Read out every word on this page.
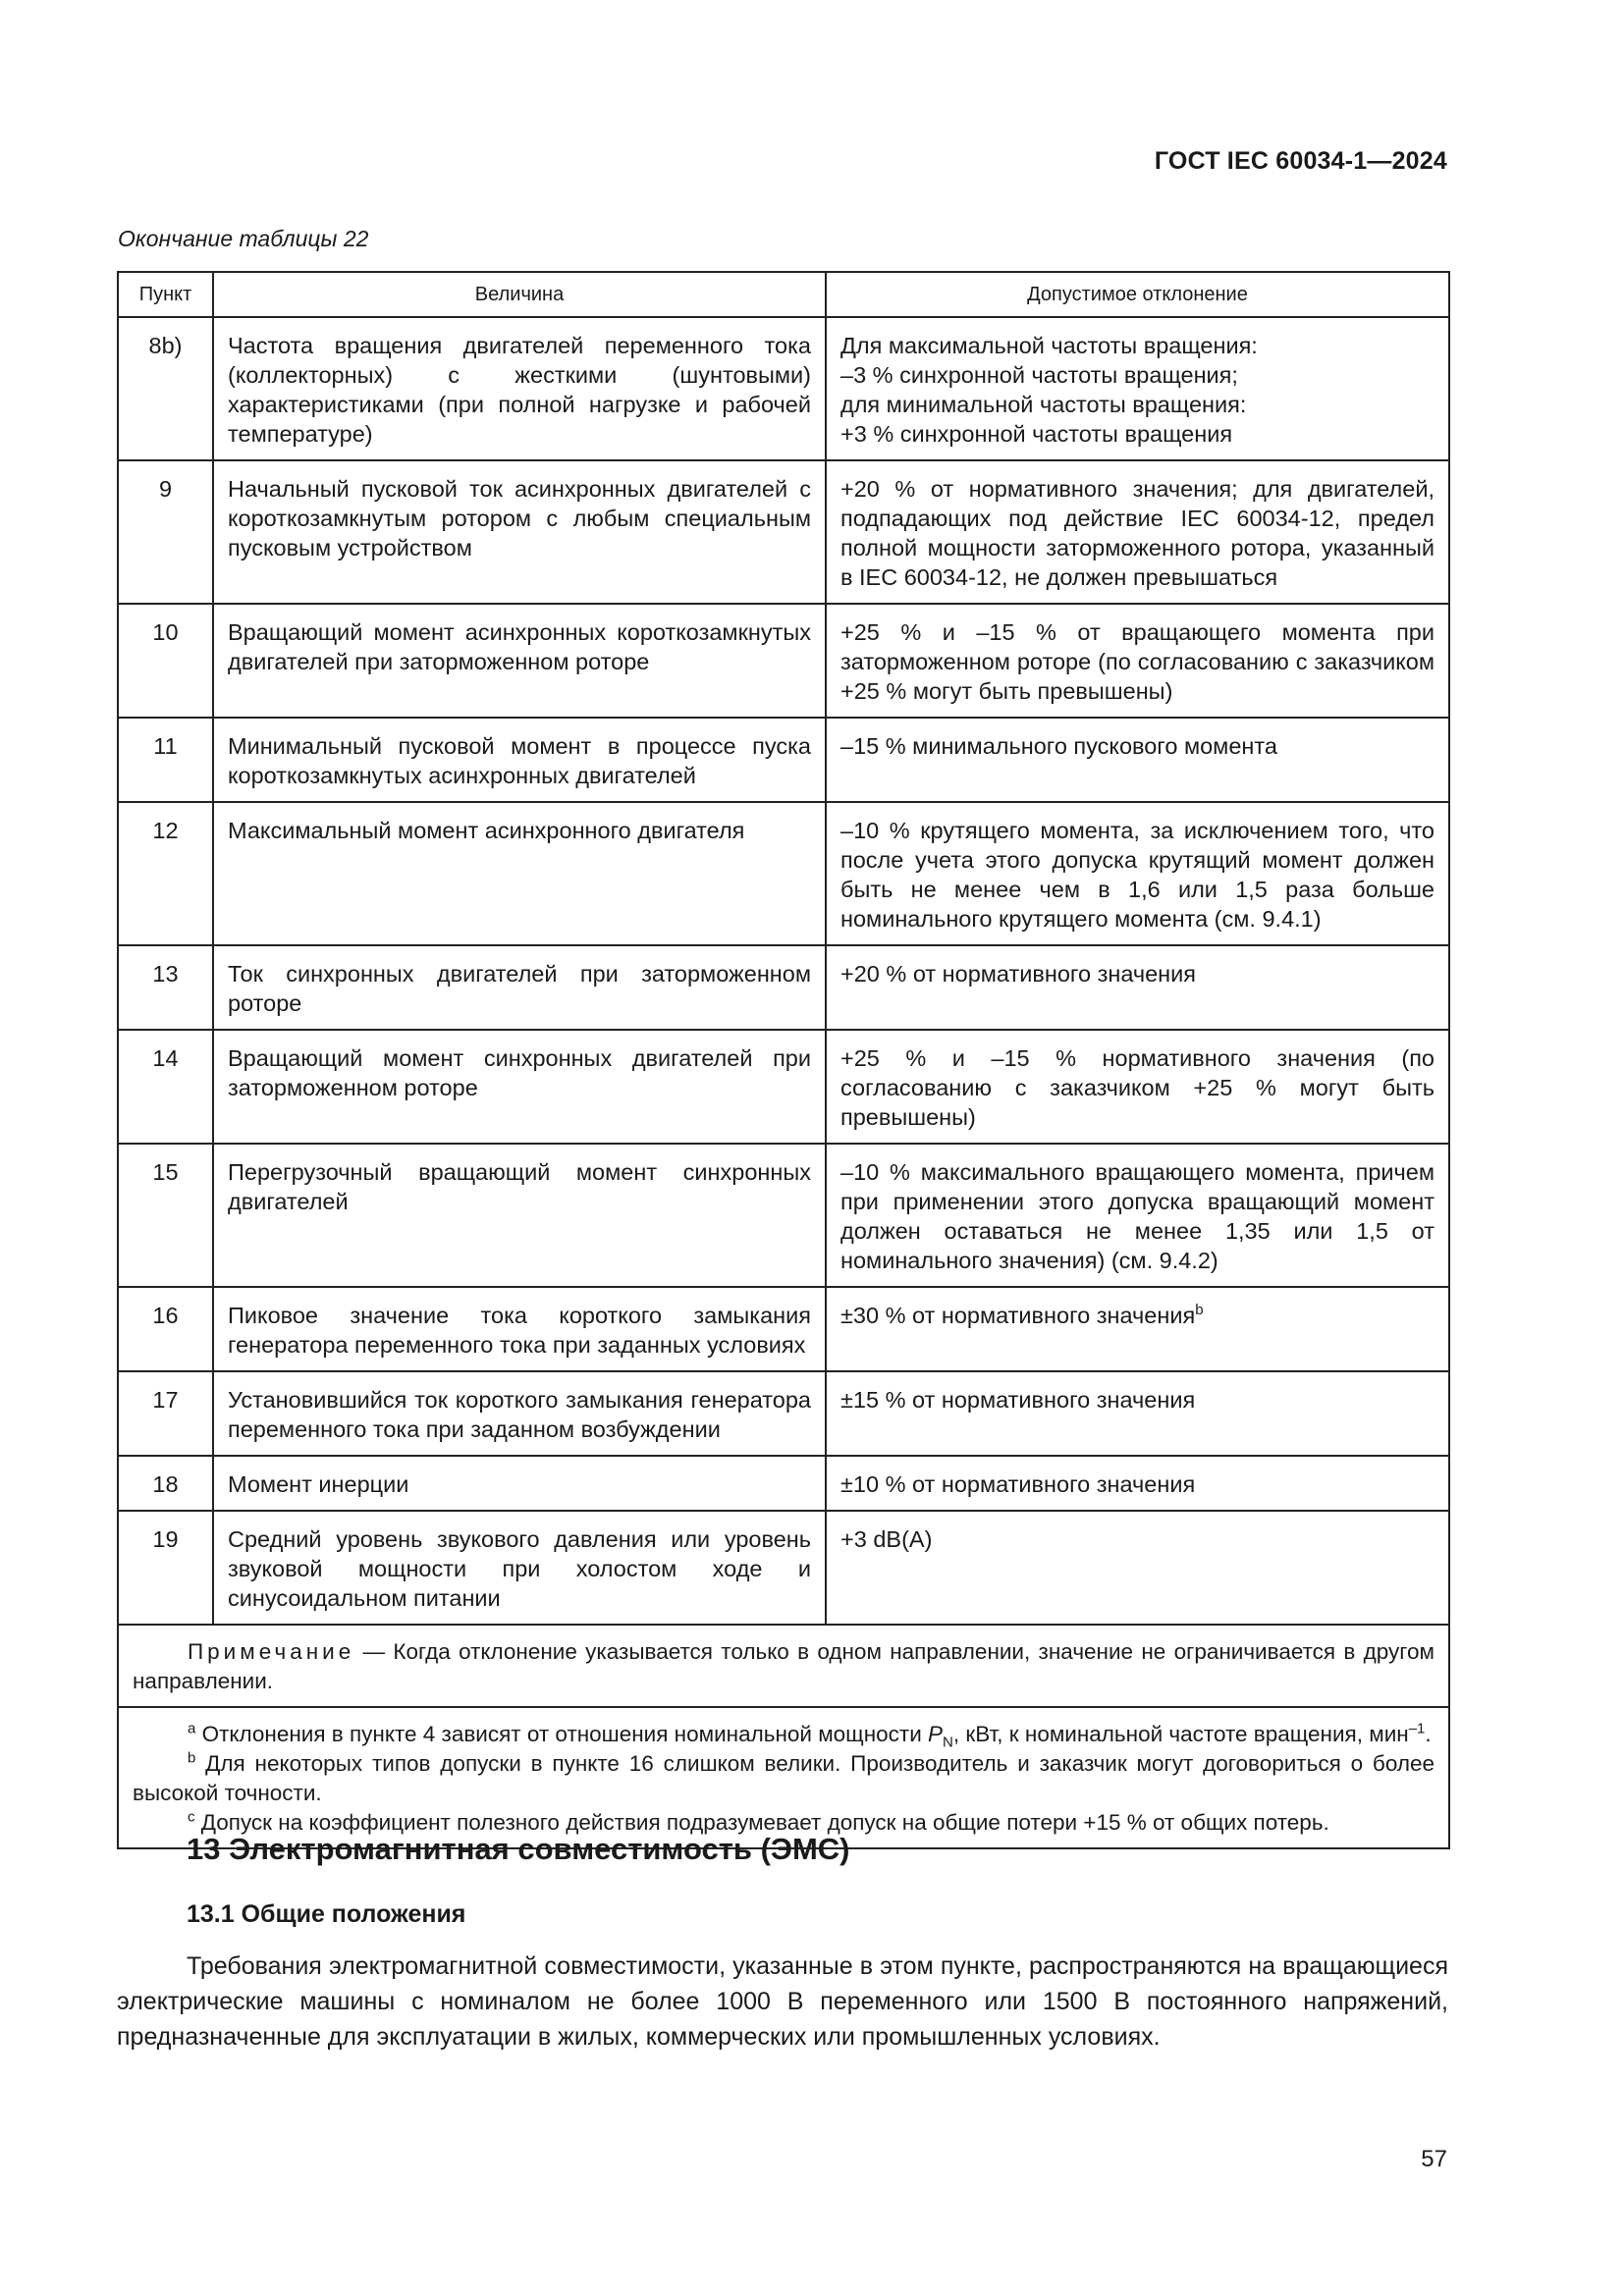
ГОСТ IEC 60034-1—2024
Окончание таблицы 22
Пункт	Величина	Допустимое отклонение
8b)	Частота вращения двигателей переменного тока (коллекторных) с жесткими (шунтовыми) характеристиками (при полной нагрузке и рабочей температуре)	Для максимальной частоты вращения:
–3 % синхронной частоты вращения;
для минимальной частоты вращения:
+3 % синхронной частоты вращения

9	Начальный пусковой ток асинхронных двигателей с короткозамкнутым ротором с любым специальным пусковым устройством	+20 % от нормативного значения; для двигателей, подпадающих под действие IEC 60034-12, предел полной мощности заторможенного ротора, указанный в IEC 60034-12, не должен превышаться
10	Вращающий момент асинхронных короткозамкнутых двигателей при заторможенном роторе	+25 % и –15 % от вращающего момента при заторможенном роторе (по согласованию с заказчиком +25 % могут быть превышены)
11	Минимальный пусковой момент в процессе пуска короткозамкнутых асинхронных двигателей	–15 % минимального пускового момента
12	Максимальный момент асинхронного двигателя	–10 % крутящего момента, за исключением того, что после учета этого допуска крутящий момент должен быть не менее чем в 1,6 или 1,5 раза больше номинального крутящего момента (см. 9.4.1)
13	Ток синхронных двигателей при заторможенном роторе	+20 % от нормативного значения
14	Вращающий момент синхронных двигателей при заторможенном роторе	+25 % и –15 % нормативного значения (по согласованию с заказчиком +25 % могут быть превышены)
15	Перегрузочный вращающий момент синхронных двигателей	–10 % максимального вращающего момента, причем при применении этого допуска вращающий момент должен оставаться не менее 1,35 или 1,5 от номинального значения) (см. 9.4.2)
16	Пиковое значение тока короткого замыкания генератора переменного тока при заданных условиях	±30 % от нормативного значения$^b$
17	Установившийся ток короткого замыкания генератора переменного тока при заданном возбуждении	±15 % от нормативного значения
18	Момент инерции	±10 % от нормативного значения
19	Средний уровень звукового давления или уровень звуковой мощности при холостом ходе и синусоидальном питании	+3 dB(A)

Примечание — Когда отклонение указывается только в одном направлении, значение не ограничивается в другом направлении.		

$^a$ Отклонения в пункте 4 зависят от отношения номинальной мощности $P_N$, кВт, к номинальной частоте вращения, мин$^{-1}$.
$^b$ Для некоторых типов допуски в пункте 16 слишком велики. Производитель и заказчик могут договориться о более высокой точности.
$^c$ Допуск на коэффициент полезного действия подразумевает допуск на общие потери +15 % от общих потерь.		
13 Электромагнитная совместимость (ЭМС)
13.1 Общие положения
Требования электромагнитной совместимости, указанные в этом пункте, распространяются на вращающиеся электрические машины с номиналом не более 1000 В переменного или 1500 В постоянного напряжений, предназначенные для эксплуатации в жилых, коммерческих или промышленных условиях.
57
